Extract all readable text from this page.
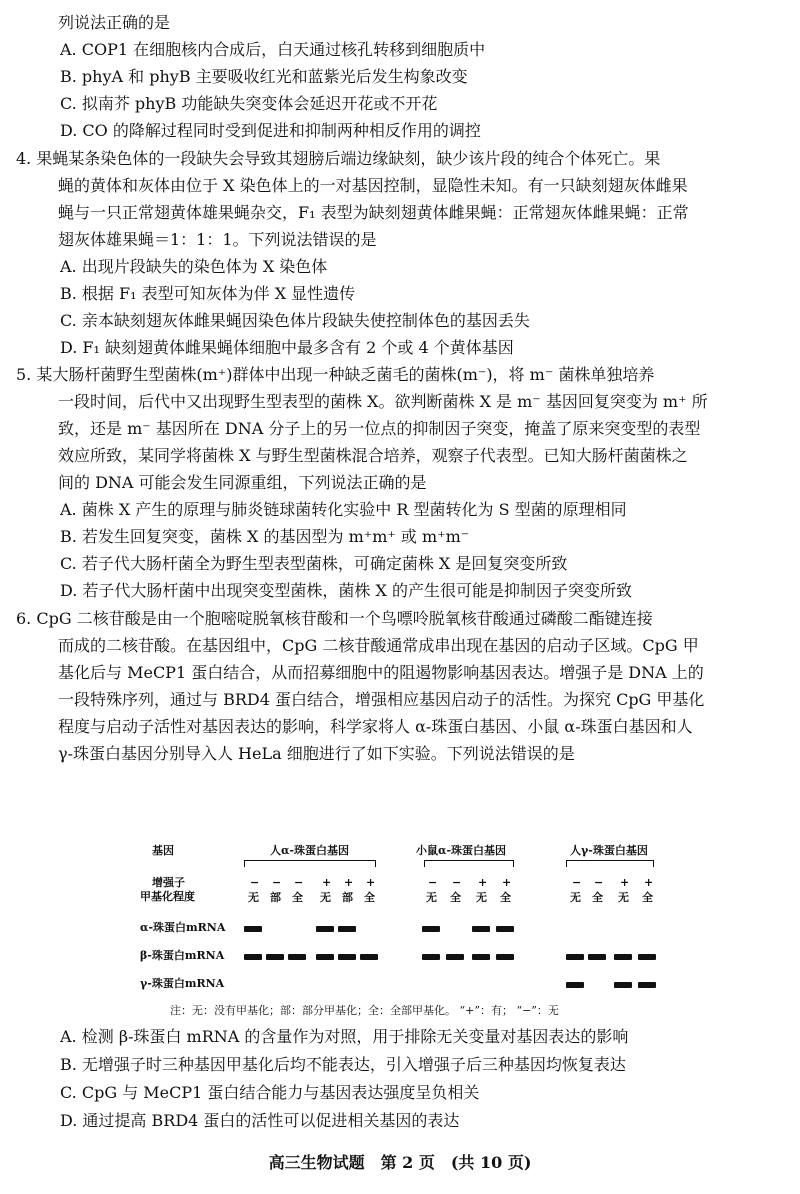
列说法正确的是
A. COP1 在细胞核内合成后，白天通过核孔转移到细胞质中
B. phyA 和 phyB 主要吸收红光和蓝紫光后发生构象改变
C. 拟南芥 phyB 功能缺失突变体会延迟开花或不开花
D. CO 的降解过程同时受到促进和抑制两种相反作用的调控
4. 果蝇某条染色体的一段缺失会导致其翅膀后端边缘缺刻，缺少该片段的纯合个体死亡。果
蝇的黄体和灰体由位于 X 染色体上的一对基因控制，显隐性未知。有一只缺刻翅灰体雌果
蝇与一只正常翅黄体雄果蝇杂交，F₁ 表型为缺刻翅黄体雌果蝇：正常翅灰体雌果蝇：正常
翅灰体雄果蝇＝1：1：1。下列说法错误的是
A. 出现片段缺失的染色体为 X 染色体
B. 根据 F₁ 表型可知灰体为伴 X 显性遗传
C. 亲本缺刻翅灰体雌果蝇因染色体片段缺失使控制体色的基因丢失
D. F₁ 缺刻翅黄体雌果蝇体细胞中最多含有 2 个或 4 个黄体基因
5. 某大肠杆菌野生型菌株(m⁺)群体中出现一种缺乏菌毛的菌株(m⁻)，将 m⁻ 菌株单独培养
一段时间，后代中又出现野生型表型的菌株 X。欲判断菌株 X 是 m⁻ 基因回复突变为 m⁺ 所
致，还是 m⁻ 基因所在 DNA 分子上的另一位点的抑制因子突变，掩盖了原来突变型的表型
效应所致，某同学将菌株 X 与野生型菌株混合培养，观察子代表型。已知大肠杆菌菌株之
间的 DNA 可能会发生同源重组，下列说法正确的是
A. 菌株 X 产生的原理与肺炎链球菌转化实验中 R 型菌转化为 S 型菌的原理相同
B. 若发生回复突变，菌株 X 的基因型为 m⁺m⁺ 或 m⁺m⁻
C. 若子代大肠杆菌全为野生型表型菌株，可确定菌株 X 是回复突变所致
D. 若子代大肠杆菌中出现突变型菌株，菌株 X 的产生很可能是抑制因子突变所致
6. CpG 二核苷酸是由一个胞嘧啶脱氧核苷酸和一个鸟嘌呤脱氧核苷酸通过磷酸二酯键连接
而成的二核苷酸。在基因组中，CpG 二核苷酸通常成串出现在基因的启动子区域。CpG 甲
基化后与 MeCP1 蛋白结合，从而招募细胞中的阻遏物影响基因表达。增强子是 DNA 上的
一段特殊序列，通过与 BRD4 蛋白结合，增强相应基因启动子的活性。为探究 CpG 甲基化
程度与启动子活性对基因表达的影响，科学家将人 α-珠蛋白基因、小鼠 α-珠蛋白基因和人
γ-珠蛋白基因分别导入人 HeLa 细胞进行了如下实验。下列说法错误的是
基因
增强子
甲基化程度
人α-珠蛋白基因
−
无
−
部
−
全
+
无
+
部
+
全
小鼠α-珠蛋白基因
−
无
−
全
+
无
+
全
人γ-珠蛋白基因
−
无
−
全
+
无
+
全
α-珠蛋白mRNA
β-珠蛋白mRNA
γ-珠蛋白mRNA
注：无：没有甲基化；部：部分甲基化；全：全部甲基化。 “+”：有； “−”：无
A. 检测 β-珠蛋白 mRNA 的含量作为对照，用于排除无关变量对基因表达的影响
B. 无增强子时三种基因甲基化后均不能表达，引入增强子后三种基因均恢复表达
C. CpG 与 MeCP1 蛋白结合能力与基因表达强度呈负相关
D. 通过提高 BRD4 蛋白的活性可以促进相关基因的表达
高三生物试题　第 2 页　(共 10 页)
